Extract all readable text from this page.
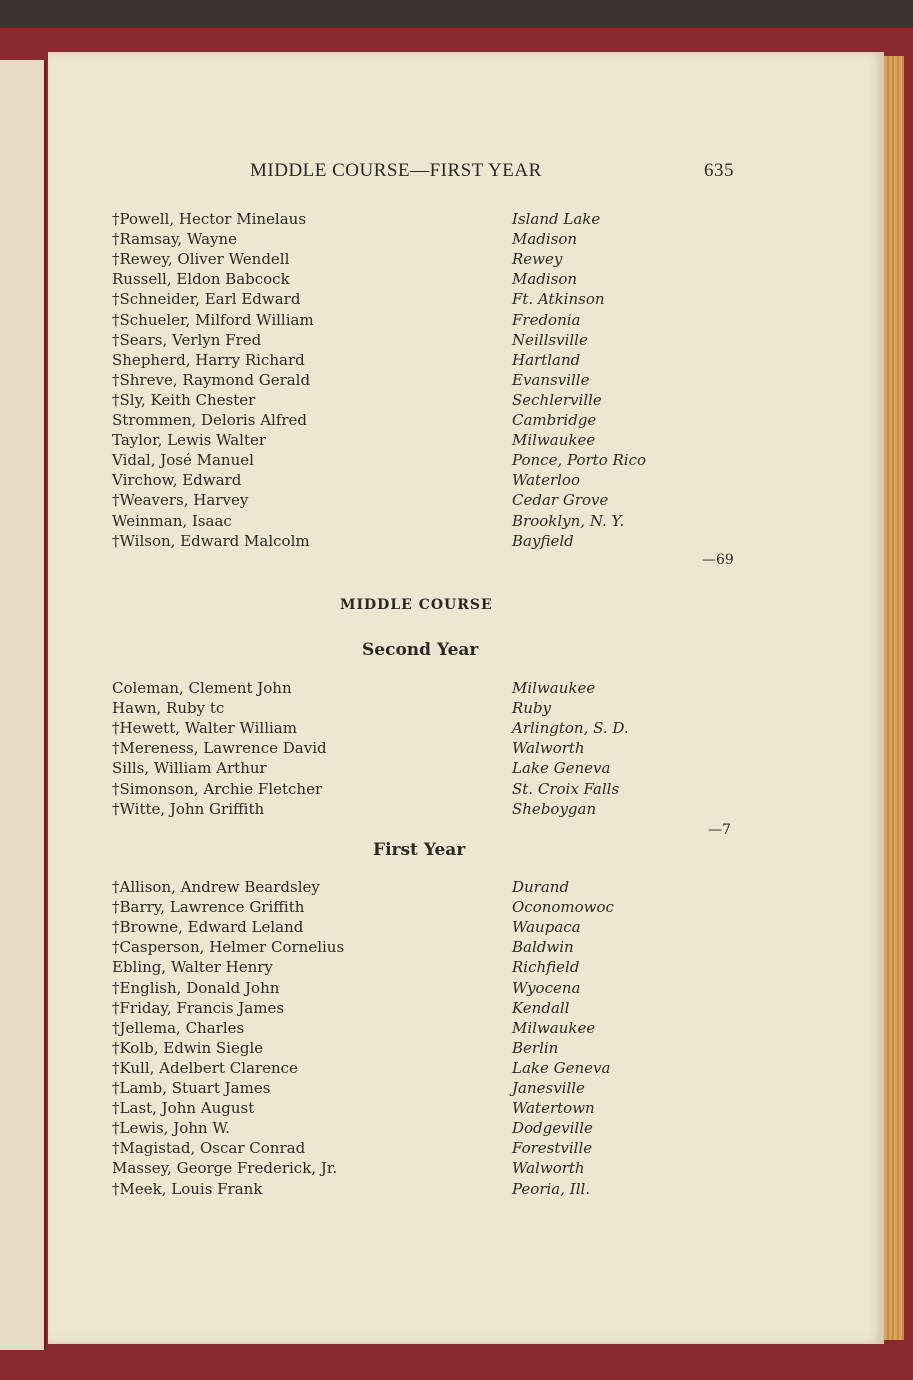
MIDDLE COURSE—FIRST YEAR	635
†Powell, Hector Minelaus	Island Lake
†Ramsay, Wayne	Madison
†Rewey, Oliver Wendell	Rewey
Russell, Eldon Babcock	Madison
†Schneider, Earl Edward	Ft. Atkinson
†Schueler, Milford William	Fredonia
†Sears, Verlyn Fred	Neillsville
Shepherd, Harry Richard	Hartland
†Shreve, Raymond Gerald	Evansville
†Sly, Keith Chester	Sechlerville
Strommen, Deloris Alfred	Cambridge
Taylor, Lewis Walter	Milwaukee
Vidal, José Manuel	Ponce, Porto Rico
Virchow, Edward	Waterloo
†Weavers, Harvey	Cedar Grove
Weinman, Isaac	Brooklyn, N. Y.
†Wilson, Edward Malcolm	Bayfield
—69
MIDDLE COURSE
Second Year
Coleman, Clement John	Milwaukee
Hawn, Ruby tc	Ruby
†Hewett, Walter William	Arlington, S. D.
†Mereness, Lawrence David	Walworth
Sills, William Arthur	Lake Geneva
†Simonson, Archie Fletcher	St. Croix Falls
†Witte, John Griffith	Sheboygan
—7
First Year
†Allison, Andrew Beardsley	Durand
†Barry, Lawrence Griffith	Oconomowoc
†Browne, Edward Leland	Waupaca
†Casperson, Helmer Cornelius	Baldwin
Ebling, Walter Henry	Richfield
†English, Donald John	Wyocena
†Friday, Francis James	Kendall
†Jellema, Charles	Milwaukee
†Kolb, Edwin Siegle	Berlin
†Kull, Adelbert Clarence	Lake Geneva
†Lamb, Stuart James	Janesville
†Last, John August	Watertown
†Lewis, John W.	Dodgeville
†Magistad, Oscar Conrad	Forestville
Massey, George Frederick, Jr.	Walworth
†Meek, Louis Frank	Peoria, Ill.
